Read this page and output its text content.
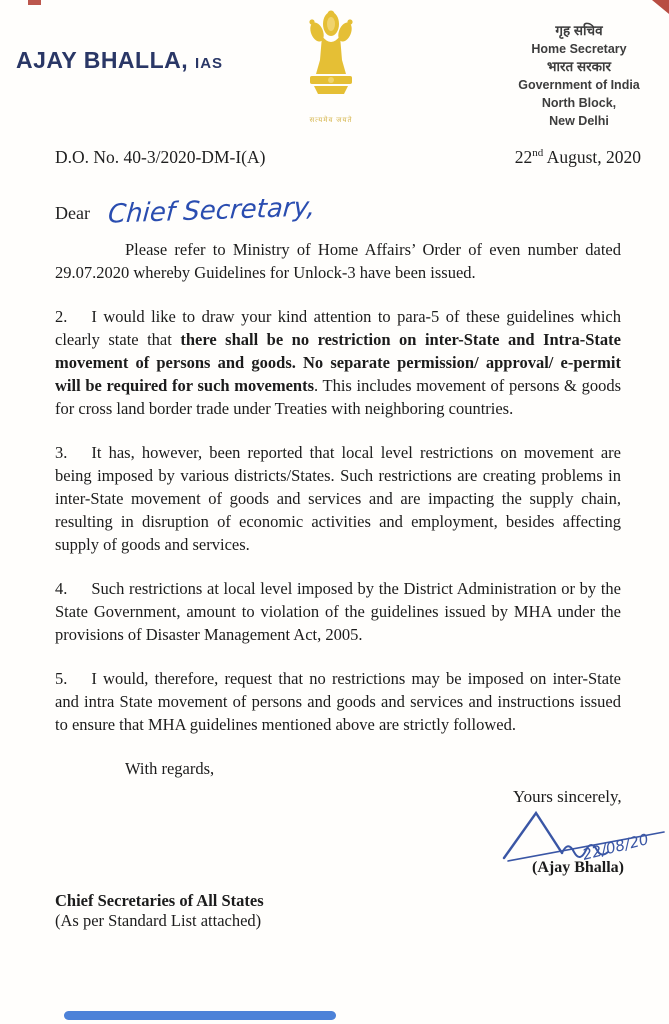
AJAY BHALLA, IAS
सत्यमेव जयते
गृह सचिव
Home Secretary
भारत सरकार
Government of India
North Block,
New Delhi
D.O. No. 40-3/2020-DM-I(A)	22nd August, 2020
Dear Chief Secretary,

Please refer to Ministry of Home Affairs’ Order of even number dated 29.07.2020 whereby Guidelines for Unlock-3 have been issued.

2. I would like to draw your kind attention to para-5 of these guidelines which clearly state that there shall be no restriction on inter-State and Intra-State movement of persons and goods. No separate permission/ approval/ e-permit will be required for such movements. This includes movement of persons & goods for cross land border trade under Treaties with neighboring countries.

3. It has, however, been reported that local level restrictions on movement are being imposed by various districts/States. Such restrictions are creating problems in inter-State movement of goods and services and are impacting the supply chain, resulting in disruption of economic activities and employment, besides affecting supply of goods and services.

4. Such restrictions at local level imposed by the District Administration or by the State Government, amount to violation of the guidelines issued by MHA under the provisions of Disaster Management Act, 2005.

5. I would, therefore, request that no restrictions may be imposed on inter-State and intra State movement of persons and goods and services and instructions issued to ensure that MHA guidelines mentioned above are strictly followed.

With regards,

Yours sincerely,
22/08/20
(Ajay Bhalla)
Chief Secretaries of All States
(As per Standard List attached)
